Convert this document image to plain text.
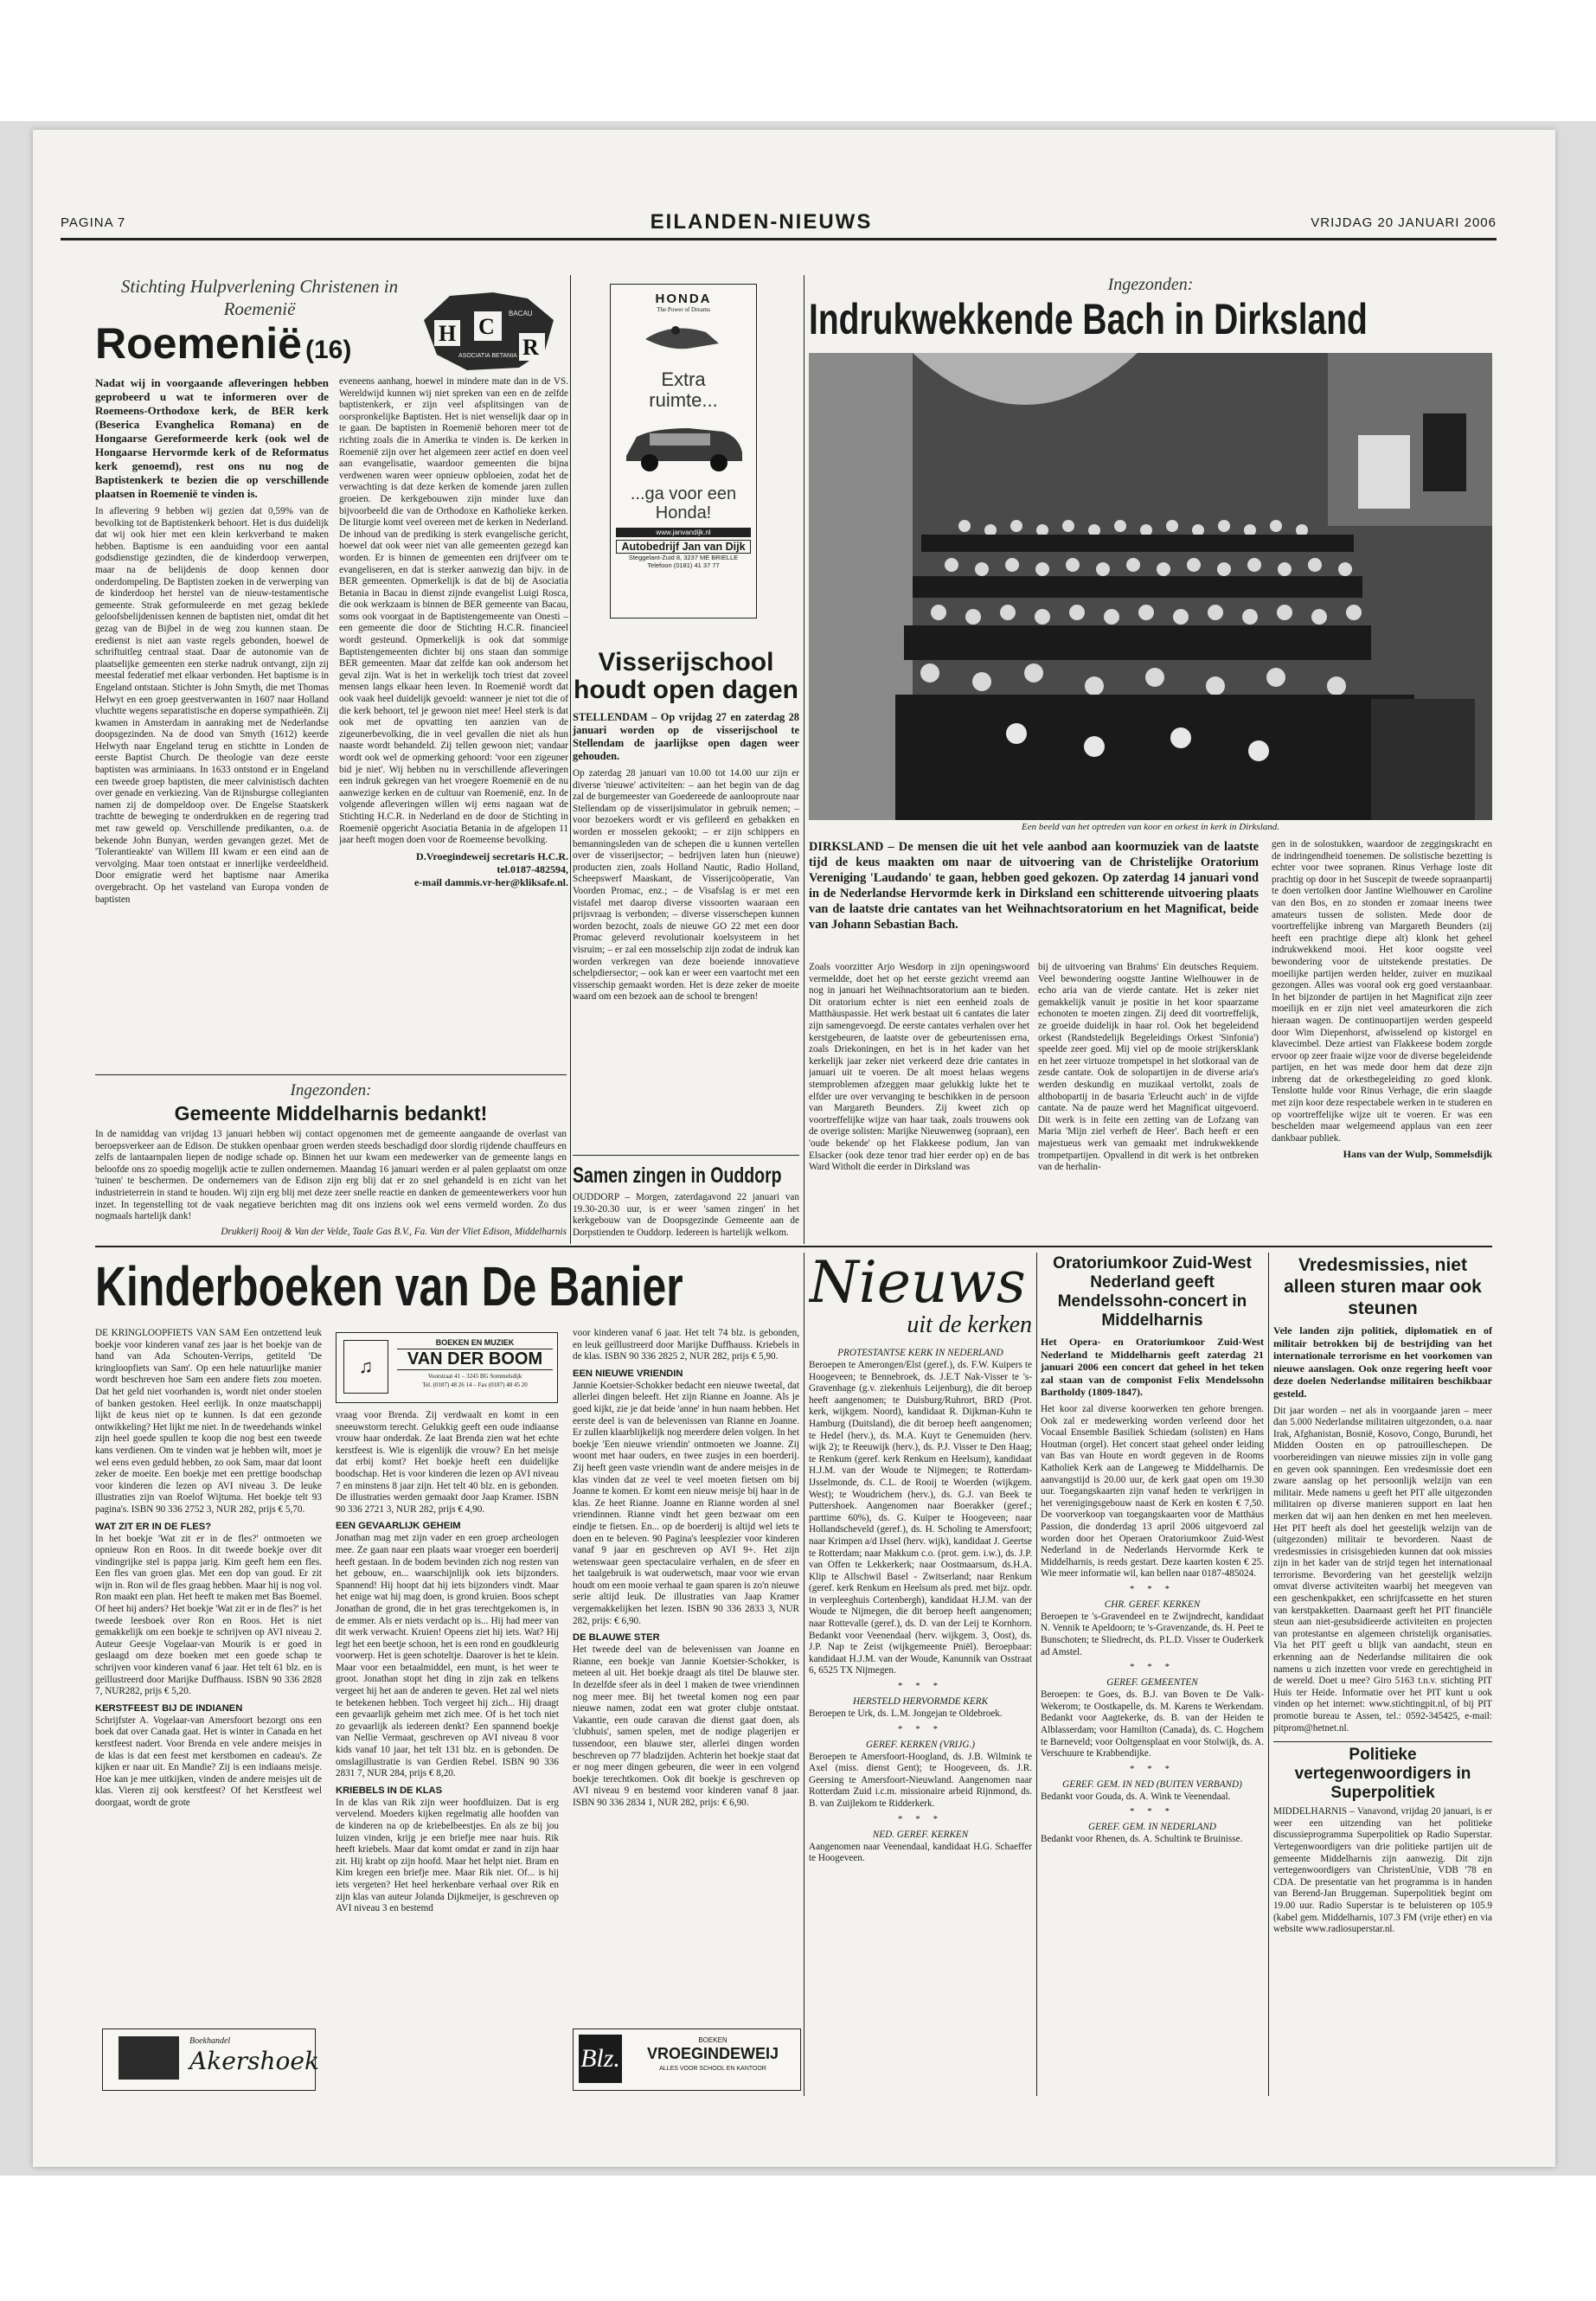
PAGINA 7	EILANDEN-NIEUWS	VRIJDAG 20 JANUARI 2006
Stichting Hulpverlening Christenen in Roemenië
Roemenië (16)
H C
R
BACAU
ASOCIATIA BETANIA

Nadat wij in voorgaande afleveringen hebben geprobeerd u wat te informeren over de Roemeens-Orthodoxe kerk, de BER kerk (Beserica Evanghelica Romana) en de Hongaarse Gereformeerde kerk (ook wel de Hongaarse Hervormde kerk of de Reformatus kerk genoemd), rest ons nu nog de Baptistenkerk te bezien die op verschillende plaatsen in Roemenië te vinden is.

In aflevering 9 hebben wij gezien dat 0,59% van de bevolking tot de Baptistenkerk behoort. Het is dus duidelijk dat wij ook hier met een klein kerkverband te maken hebben. Baptisme is een aanduiding voor een aantal godsdienstige gezindten, die de kinderdoop verwerpen, maar na de belijdenis de doop kennen door onderdompeling. De Baptisten zoeken in de verwerping van de kinderdoop het herstel van de nieuw-testamentische gemeente. Strak geformuleerde en met gezag beklede geloofsbelijdenissen kennen de baptisten niet, omdat dit het gezag van de Bijbel in de weg zou kunnen staan. De eredienst is niet aan vaste regels gebonden, hoewel de schriftuitleg centraal staat. Daar de autonomie van de plaatselijke gemeenten een sterke nadruk ontvangt, zijn zij meestal federatief met elkaar verbonden. Het baptisme is in Engeland ontstaan. Stichter is John Smyth, die met Thomas Helwyt en een groep geestverwanten in 1607 naar Holland vluchtte wegens separatistische en doperse sympathieën. Zij kwamen in Amsterdam in aanraking met de Nederlandse doopsgezinden. Na de dood van Smyth (1612) keerde Helwyth naar Engeland terug en stichtte in Londen de eerste Baptist Church. De theologie van deze eerste baptisten was arminiaans. In 1633 ontstond er in Engeland een tweede groep baptisten, die meer calvinistisch dachten over genade en verkiezing. Van de Rijnsburgse collegianten namen zij de dompeldoop over. De Engelse Staatskerk trachtte de beweging te onderdrukken en de regering trad met raw geweld op. Verschillende predikanten, o.a. de bekende John Bunyan, werden gevangen gezet. Met de 'Tolerantieakte' van Willem III kwam er een eind aan de vervolging. Maar toen ontstaat er innerlijke verdeeldheid. Door emigratie werd het baptisme naar Amerika overgebracht. Op het vasteland van Europa vonden de baptisten

eveneens aanhang, hoewel in mindere mate dan in de VS. Wereldwijd kunnen wij niet spreken van een en de zelfde baptistenkerk, er zijn veel afsplitsingen van de oorspronkelijke Baptisten. Het is niet wenselijk daar op in te gaan. De baptisten in Roemenië behoren meer tot de richting zoals die in Amerika te vinden is. De kerken in Roemenië zijn over het algemeen zeer actief en doen veel aan evangelisatie, waardoor gemeenten die bijna verdwenen waren weer opnieuw opbloeien, zodat het de verwachting is dat deze kerken de komende jaren zullen groeien. De kerkgebouwen zijn minder luxe dan bijvoorbeeld die van de Orthodoxe en Katholieke kerken. De liturgie komt veel overeen met de kerken in Nederland. De inhoud van de prediking is sterk evangelische gericht, hoewel dat ook weer niet van alle gemeenten gezegd kan worden. Er is binnen de gemeenten een drijfveer om te evangeliseren, en dat is sterker aanwezig dan bijv. in de BER gemeenten. Opmerkelijk is dat de bij de Asociatia Betania in Bacau in dienst zijnde evangelist Luigi Rosca, die ook werkzaam is binnen de BER gemeente van Bacau, soms ook voorgaat in de Baptistengemeente van Onesti – een gemeente die door de Stichting H.C.R. financieel wordt gesteund. Opmerkelijk is ook dat sommige Baptistengemeenten dichter bij ons staan dan sommige BER gemeenten. Maar dat zelfde kan ook andersom het geval zijn. Wat is het in werkelijk toch triest dat zoveel mensen langs elkaar heen leven. In Roemenië wordt dat ook vaak heel duidelijk gevoeld: wanneer je niet tot die of die kerk behoort, tel je gewoon niet mee! Heel sterk is dat ook met de opvatting ten aanzien van de zigeunerbevolking, die in veel gevallen die niet als hun naaste wordt behandeld. Zij tellen gewoon niet; vandaar wordt ook wel de opmerking gehoord: 'voor een zigeuner bid je niet'. Wij hebben nu in verschillende afleveringen een indruk gekregen van het vroegere Roemenië en de nu aanwezige kerken en de cultuur van Roemenië, enz. In de volgende afleveringen willen wij eens nagaan wat de Stichting H.C.R. in Nederland en de door de Stichting in Roemenië opgericht Asociatia Betania in de afgelopen 11 jaar heeft mogen doen voor de Roemeense bevolking.

D.Vroegindeweij secretaris H.C.R.
tel.0187-482594,
e-mail dammis.vr-her@kliksafe.nl.
Ingezonden:
Gemeente Middelharnis bedankt!

In de namiddag van vrijdag 13 januari hebben wij contact opgenomen met de gemeente aangaande de overlast van beroepsverkeer aan de Edison. De stukken openbaar groen werden steeds beschadigd door slordig rijdende chauffeurs en zelfs de lantaarnpalen liepen de nodige schade op. Binnen het uur kwam een medewerker van de gemeente langs en beloofde ons zo spoedig mogelijk actie te zullen ondernemen. Maandag 16 januari werden er al palen geplaatst om onze 'tuinen' te beschermen. De ondernemers van de Edison zijn erg blij dat er zo snel gehandeld is en zicht van het industrieterrein in stand te houden. Wij zijn erg blij met deze zeer snelle reactie en danken de gemeentewerkers voor hun inzet. In tegenstelling tot de vaak negatieve berichten mag dit ons inziens ook wel eens vermeld worden. Zo dus nogmaals hartelijk dank!

Drukkerij Rooij & Van der Velde, Taale Gas B.V., Fa. Van der Vliet Edison, Middelharnis

HONDA
The Power of Dreams
Extra
ruimte...
...ga voor een
Honda!
www.janvandijk.nl
Autobedrijf Jan van Dijk
Steggelant-Zuid 8, 3237 ME BRIELLE
Telefoon (0181) 41 37 77
Visserijschool
houdt open dagen

STELLENDAM – Op vrijdag 27 en zaterdag 28 januari worden op de visserijschool te Stellendam de jaarlijkse open dagen weer gehouden.

Op zaterdag 28 januari van 10.00 tot 14.00 uur zijn er diverse 'nieuwe' activiteiten: – aan het begin van de dag zal de burgemeester van Goedereede de aanlooproute naar Stellendam op de visserijsimulator in gebruik nemen; – voor bezoekers wordt er vis gefileerd en gebakken en worden er mosselen gekookt; – er zijn schippers en bemanningsleden van de schepen die u kunnen vertellen over de visserijsector; – bedrijven laten hun (nieuwe) producten zien, zoals Holland Nautic, Radio Holland, Scheepswerf Maaskant, de Visserijcoöperatie, Van Voorden Promac, enz.; – de Visafslag is er met een vistafel met daarop diverse vissoorten waaraan een prijsvraag is verbonden; – diverse visserschepen kunnen worden bezocht, zoals de nieuwe GO 22 met een door Promac geleverd revolutionair koelsysteem in het visruim; – er zal een mosselschip zijn zodat de indruk kan worden verkregen van deze boeiende innovatieve schelpdiersector; – ook kan er weer een vaartocht met een visserschip gemaakt worden. Het is deze zeker de moeite waard om een bezoek aan de school te brengen!

Samen zingen in Ouddorp

OUDDORP – Morgen, zaterdagavond 22 januari van 19.30-20.30 uur, is er weer 'samen zingen' in het kerkgebouw van de Doopsgezinde Gemeente aan de Dorpstienden te Ouddorp. Iedereen is hartelijk welkom.

Ingezonden:
Indrukwekkende Bach in Dirksland
Een beeld van het optreden van koor en orkest in kerk in Dirksland.

DIRKSLAND – De mensen die uit het vele aanbod aan koormuziek van de laatste tijd de keus maakten om naar de uitvoering van de Christelijke Oratorium Vereniging 'Laudando' te gaan, hebben goed gekozen. Op zaterdag 14 januari vond in de Nederlandse Hervormde kerk in Dirksland een schitterende uitvoering plaats van de laatste drie cantates van het Weihnachtsoratorium en het Magnificat, beide van Johann Sebastian Bach.

Zoals voorzitter Arjo Wesdorp in zijn openingswoord vermeldde, doet het op het eerste gezicht vreemd aan nog in januari het Weihnachtsoratorium aan te bieden. Dit oratorium echter is niet een eenheid zoals de Matthäuspassie. Het werk bestaat uit 6 cantates die later zijn samengevoegd. De eerste cantates verhalen over het kerstgebeuren, de laatste over de gebeurtenissen erna, zoals Driekoningen, en het is in het kader van het kerkelijk jaar zeker niet verkeerd deze drie cantates in januari uit te voeren. De alt moest helaas wegens stemproblemen afzeggen maar gelukkig lukte het te elfder ure over vervanging te beschikken in de persoon van Margareth Beunders. Zij kweet zich op voortreffelijke wijze van haar taak, zoals trouwens ook de overige solisten: Marijke Nieuwenweg (sopraan), een 'oude bekende' op het Flakkeese podium, Jan van Elsacker (ook deze tenor trad hier eerder op) en de bas Ward Witholt die eerder in Dirksland was

bij de uitvoering van Brahms' Ein deutsches Requiem. Veel bewondering oogstte Jantine Wielhouwer in de echo aria van de vierde cantate. Het is zeker niet gemakkelijk vanuit je positie in het koor spaarzame echonoten te moeten zingen. Zij deed dit voortreffelijk, ze groeide duidelijk in haar rol. Ook het begeleidend orkest (Randstedelijk Begeleidings Orkest 'Sinfonia') speelde zeer goed. Mij viel op de mooie strijkersklank en het zeer virtuoze trompetspel in het slotkoraal van de zesde cantate. Ook de solopartijen in de diverse aria's werden deskundig en muzikaal vertolkt, zoals de althobopartij in de basaria 'Erleucht auch' in de vijfde cantate. Na de pauze werd het Magnificat uitgevoerd. Dit werk is in feite een zetting van de Lofzang van Maria 'Mijn ziel verheft de Heer'. Bach heeft er een majestueus werk van gemaakt met indrukwekkende trompetpartijen. Opvallend in dit werk is het ontbreken van de herhalin-

gen in de solostukken, waardoor de zeggingskracht en de indringendheid toenemen. De solistische bezetting is echter voor twee sopranen. Rinus Verhage loste dit prachtig op door in het Suscepit de tweede sopraanpartij te doen vertolken door Jantine Wielhouwer en Caroline van den Bos, en zo stonden er zomaar ineens twee amateurs tussen de solisten. Mede door de voortreffelijke inbreng van Margareth Beunders (zij heeft een prachtige diepe alt) klonk het geheel indrukwekkend mooi. Het koor oogstte veel bewondering voor de uitstekende prestaties. De moeilijke partijen werden helder, zuiver en muzikaal gezongen. Alles was vooral ook erg goed verstaanbaar. In het bijzonder de partijen in het Magnificat zijn zeer moeilijk en er zijn niet veel amateurkoren die zich hieraan wagen. De continuopartijen werden gespeeld door Wim Diepenhorst, afwisselend op kistorgel en klavecimbel. Deze artiest van Flakkeese bodem zorgde ervoor op zeer fraaie wijze voor de diverse begeleidende partijen, en het was mede door hem dat deze zijn inbreng dat de orkestbegeleiding zo goed klonk. Tenslotte hulde voor Rinus Verhage, die erin slaagde met zijn koor deze respectabele werken in te studeren en op voortreffelijke wijze uit te voeren. Er was een beschelden maar welgemeend applaus van een zeer dankbaar publiek.

Hans van der Wulp, Sommelsdijk
Kinderboeken van De Banier

DE KRINGLOOPFIETS VAN SAM Een ontzettend leuk boekje voor kinderen vanaf zes jaar is het boekje van de hand van Ada Schouten-Verrips, getiteld 'De kringloopfiets van Sam'. Op een hele natuurlijke manier wordt beschreven hoe Sam een andere fiets zou moeten. Dat het geld niet voorhanden is, wordt niet onder stoelen of banken gestoken. Heel eerlijk. In onze maatschappij lijkt de keus niet op te kunnen. Is dat een gezonde ontwikkeling? Het lijkt me niet. In de tweedehands winkel zijn heel goede spullen te koop die nog best een tweede kans verdienen. Om te vinden wat je hebben wilt, moet je wel eens even geduld hebben, zo ook Sam, maar dat loont zeker de moeite. Een boekje met een prettige boodschap voor kinderen die lezen op AVI niveau 3. De leuke illustraties zijn van Roelof Wijtuma. Het boekje telt 93 pagina's. ISBN 90 336 2752 3, NUR 282, prijs € 5,70.

WAT ZIT ER IN DE FLES?

In het boekje 'Wat zit er in de fles?' ontmoeten we opnieuw Ron en Roos. In dit tweede boekje over dit vindingrijke stel is pappa jarig. Kim geeft hem een fles. Een fles van groen glas. Met een dop van goud. Er zit wijn in. Ron wil de fles graag hebben. Maar hij is nog vol. Ron maakt een plan. Het heeft te maken met Bas Boemel. Of heet hij anders? Het boekje 'Wat zit er in de fles?' is het tweede leesboek over Ron en Roos. Het is niet gemakkelijk om een boekje te schrijven op AVI niveau 2. Auteur Geesje Vogelaar-van Mourik is er goed in geslaagd om deze boeken met een goede schap te schrijven voor kinderen vanaf 6 jaar. Het telt 61 blz. en is geïllustreerd door Marijke Duffhauss. ISBN 90 336 2828 7, NUR282, prijs € 5,20.

KERSTFEEST BIJ DE INDIANEN

Schrijfster A. Vogelaar-van Amersfoort bezorgt ons een boek dat over Canada gaat. Het is winter in Canada en het kerstfeest nadert. Voor Brenda en vele andere meisjes in de klas is dat een feest met kerstbomen en cadeau's. Ze kijken er naar uit. En Mandie? Zij is een indiaans meisje. Hoe kan je mee uitkijken, vinden de andere meisjes uit de klas. Vieren zij ook kerstfeest? Of het Kerstfeest wel doorgaat, wordt de grote

Boekhandel
Akershoek
♫
BOEKEN EN MUZIEK
VAN DER BOOM
Voorstraat 41 – 3245 BG Sommelsdijk
Tel. (0187) 48 26 14 – Fax (0187) 48 45 20

vraag voor Brenda. Zij verdwaalt en komt in een sneeuwstorm terecht. Gelukkig geeft een oude indiaanse vrouw haar onderdak. Ze laat Brenda zien wat het echte kerstfeest is. Wie is eigenlijk die vrouw? En het meisje dat erbij komt? Het boekje heeft een duidelijke boodschap. Het is voor kinderen die lezen op AVI niveau 7 en minstens 8 jaar zijn. Het telt 40 blz. en is gebonden. De illustraties werden gemaakt door Jaap Kramer. ISBN 90 336 2721 3, NUR 282, prijs € 4,90.

EEN GEVAARLIJK GEHEIM

Jonathan mag met zijn vader en een groep archeologen mee. Ze gaan naar een plaats waar vroeger een boerderij heeft gestaan. In de bodem bevinden zich nog resten van het gebouw, en... waarschijnlijk ook iets bijzonders. Spannend! Hij hoopt dat hij iets bijzonders vindt. Maar het enige wat hij mag doen, is grond kruien. Boos schept Jonathan de grond, die in het gras terechtgekomen is, in de emmer. Als er niets verdacht op is... Hij had meer van dit werk verwacht. Kruien! Opeens ziet hij iets. Wat? Hij legt het een beetje schoon, het is een rond en goudkleurig voorwerp. Het is geen schoteltje. Daarover is het te klein. Maar voor een betaalmiddel, een munt, is het weer te groot. Jonathan stopt het ding in zijn zak en telkens vergeet hij het aan de anderen te geven. Het zal wel niets te betekenen hebben. Toch vergeet hij zich... Hij draagt een gevaarlijk geheim met zich mee. Of is het toch niet zo gevaarlijk als iedereen denkt? Een spannend boekje van Nellie Vermaat, geschreven op AVI niveau 8 voor kids vanaf 10 jaar, het telt 131 blz. en is gebonden. De omslagillustratie is van Gerdien Rebel. ISBN 90 336 2831 7, NUR 284, prijs € 8,20.

KRIEBELS IN DE KLAS

In de klas van Rik zijn weer hoofdluizen. Dat is erg vervelend. Moeders kijken regelmatig alle hoofden van de kinderen na op de kriebelbeestjes. En als ze bij jou luizen vinden, krijg je een briefje mee naar huis. Rik heeft kriebels. Maar dat komt omdat er zand in zijn haar zit. Hij krabt op zijn hoofd. Maar het helpt niet. Bram en Kim kregen een briefje mee. Maar Rik niet. Of... is hij iets vergeten? Het heel herkenbare verhaal over Rik en zijn klas van auteur Jolanda Dijkmeijer, is geschreven op AVI niveau 3 en bestemd

voor kinderen vanaf 6 jaar. Het telt 74 blz. is gebonden, en leuk geïllustreerd door Marijke Duffhauss. Kriebels in de klas. ISBN 90 336 2825 2, NUR 282, prijs € 5,90.

EEN NIEUWE VRIENDIN

Jannie Koetsier-Schokker bedacht een nieuwe tweetal, dat allerlei dingen beleeft. Het zijn Rianne en Joanne. Als je goed kijkt, zie je dat beide 'anne' in hun naam hebben. Het eerste deel is van de belevenissen van Rianne en Joanne. Er zullen klaarblijkelijk nog meerdere delen volgen. In het boekje 'Een nieuwe vriendin' ontmoeten we Joanne. Zij woont met haar ouders, en twee zusjes in een boerderij. Zij heeft geen vaste vriendin want de andere meisjes in de klas vinden dat ze veel te veel moeten fietsen om bij Joanne te komen. Er komt een nieuw meisje bij haar in de klas. Ze heet Rianne. Joanne en Rianne worden al snel vriendinnen. Rianne vindt het geen bezwaar om een eindje te fietsen. En... op de boerderij is altijd wel iets te doen en te beleven. 90 Pagina's leesplezier voor kinderen vanaf 9 jaar en geschreven op AVI 9+. Het zijn wetenswaar geen spectaculaire verhalen, en de sfeer en het taalgebruik is wat ouderwetsch, maar voor wie ervan houdt om een mooie verhaal te gaan sparen is zo'n nieuwe serie altijd leuk. De illustraties van Jaap Kramer vergemakkelijken het lezen. ISBN 90 336 2833 3, NUR 282, prijs: € 6,90.

DE BLAUWE STER

Het tweede deel van de belevenissen van Joanne en Rianne, een boekje van Jannie Koetsier-Schokker, is meteen al uit. Het boekje draagt als titel De blauwe ster. In dezelfde sfeer als in deel 1 maken de twee vriendinnen nog meer mee. Bij het tweetal komen nog een paar nieuwe namen, zodat een wat groter clubje ontstaat. Vakantie, een oude caravan die dienst gaat doen, als 'clubhuis', samen spelen, met de nodige plagerijen er tussendoor, een blauwe ster, allerlei dingen worden beschreven op 77 bladzijden. Achterin het boekje staat dat er nog meer dingen gebeuren, die weer in een volgend boekje terechtkomen. Ook dit boekje is geschreven op AVI niveau 9 en bestemd voor kinderen vanaf 8 jaar. ISBN 90 336 2834 1, NUR 282, prijs: € 6,90.

Blz.
BOEKEN
VROEGINDEWEIJ
ALLES VOOR SCHOOL EN KANTOOR
Nieuws
uit de kerken
PROTESTANTSE KERK IN NEDERLAND

Beroepen te Amerongen/Elst (geref.), ds. F.W. Kuipers te Hoogeveen; te Bennebroek, ds. J.E.T Nak-Visser te 's-Gravenhage (g.v. ziekenhuis Leijenburg), die dit beroep heeft aangenomen; te Duisburg/Ruhrort, BRD (Prot. kerk, wijkgem. Noord), kandidaat R. Dijkman-Kuhn te Hamburg (Duitsland), die dit beroep heeft aangenomen; te Hedel (herv.), ds. M.A. Kuyt te Genemuiden (herv. wijk 2); te Reeuwijk (herv.), ds. P.J. Visser te Den Haag; te Renkum (geref. kerk Renkum en Heelsum), kandidaat H.J.M. van der Woude te Nijmegen; te Rotterdam-IJsselmonde, ds. C.L. de Rooij te Woerden (wijkgem. West); te Woudrichem (herv.), ds. G.J. van Beek te Puttershoek. Aangenomen naar Boerakker (geref.; parttime 60%), ds. G. Kuiper te Hoogeveen; naar Hollandscheveld (geref.), ds. H. Scholing te Amersfoort; naar Krimpen a/d IJssel (herv. wijk), kandidaat J. Geertse te Rotterdam; naar Makkum c.o. (prot. gem. i.w.), ds. J.P. van Offen te Lekkerkerk; naar Oostmaarsum, ds.H.A. Klip te Allschwil Basel - Zwitserland; naar Renkum (geref. kerk Renkum en Heelsum als pred. met bijz. opdr. in verpleeghuis Cortenbergh), kandidaat H.J.M. van der Woude te Nijmegen, die dit beroep heeft aangenomen; naar Rottevalle (geref.), ds. D. van der Leij te Kornhorn. Bedankt voor Veenendaal (herv. wijkgem. 3, Oost), ds. J.P. Nap te Zeist (wijkgemeente Pniël). Beroepbaar: kandidaat H.J.M. van der Woude, Kanunnik van Osstraat 6, 6525 TX Nijmegen.

* * *
HERSTELD HERVORMDE KERK

Beroepen te Urk, ds. L.M. Jongejan te Oldebroek.

* * *
GEREF. KERKEN (VRIJG.)

Beroepen te Amersfoort-Hoogland, ds. J.B. Wilmink te Axel (miss. dienst Gent); te Hoogeveen, ds. J.R. Geersing te Amersfoort-Nieuwland. Aangenomen naar Rotterdam Zuid i.c.m. missionaire arbeid Rijnmond, ds. B. van Zuijlekom te Ridderkerk.

* * *
NED. GEREF. KERKEN

Aangenomen naar Veenendaal, kandidaat H.G. Schaeffer te Hoogeveen.

Oratoriumkoor Zuid-West Nederland geeft Mendelssohn-concert in Middelharnis

Het Opera- en Oratoriumkoor Zuid-West Nederland te Middelharnis geeft zaterdag 21 januari 2006 een concert dat geheel in het teken zal staan van de componist Felix Mendelssohn Bartholdy (1809-1847).

Het koor zal diverse koorwerken ten gehore brengen. Ook zal er medewerking worden verleend door het Vocaal Ensemble Basiliek Schiedam (solisten) en Hans Houtman (orgel). Het concert staat geheel onder leiding van Bas van Houte en wordt gegeven in de Rooms Katholiek Kerk aan de Langeweg te Middelharnis. De aanvangstijd is 20.00 uur, de kerk gaat open om 19.30 uur. Toegangskaarten zijn vanaf heden te verkrijgen in het verenigingsgebouw naast de Kerk en kosten € 7,50. De voorverkoop van toegangskaarten voor de Matthäus Passion, die donderdag 13 april 2006 uitgevoerd zal worden door het Operaen Oratoriumkoor Zuid-West Nederland in de Nederlands Hervormde Kerk te Middelharnis, is reeds gestart. Deze kaarten kosten € 25. Wie meer informatie wil, kan bellen naar 0187-485024.

* * *
CHR. GEREF. KERKEN

Beroepen te 's-Gravendeel en te Zwijndrecht, kandidaat N. Vennik te Apeldoorn; te 's-Gravenzande, ds. H. Peet te Bunschoten; te Sliedrecht, ds. P.L.D. Visser te Ouderkerk ad Amstel.

* * *
GEREF. GEMEENTEN

Beroepen: te Goes, ds. B.J. van Boven te De Valk-Wekerom; te Oostkapelle, ds. M. Karens te Werkendam. Bedankt voor Aagtekerke, ds. B. van der Heiden te Alblasserdam; voor Hamilton (Canada), ds. C. Hogchem te Barneveld; voor Ooltgensplaat en voor Stolwijk, ds. A. Verschuure te Krabbendijke.

* * *
GEREF. GEM. IN NED (BUITEN VERBAND)

Bedankt voor Gouda, ds. A. Wink te Veenendaal.

* * *
GEREF. GEM. IN NEDERLAND

Bedankt voor Rhenen, ds. A. Schultink te Bruinisse.

Vredesmissies, niet alleen sturen maar ook steunen

Vele landen zijn politiek, diplomatiek en of militair betrokken bij de bestrijding van het internationale terrorisme en het voorkomen van nieuwe aanslagen. Ook onze regering heeft voor deze doelen Nederlandse militairen beschikbaar gesteld.

Dit jaar worden – net als in voorgaande jaren – meer dan 5.000 Nederlandse militairen uitgezonden, o.a. naar Irak, Afghanistan, Bosnië, Kosovo, Congo, Burundi, het Midden Oosten en op patrouilleschepen. De voorbereidingen van nieuwe missies zijn in volle gang en geven ook spanningen. Een vredesmissie doet een zware aanslag op het persoonlijk welzijn van een militair. Mede namens u geeft het PIT alle uitgezonden militairen op diverse manieren support en laat hen merken dat wij aan hen denken en met hen meeleven. Het PIT heeft als doel het geestelijk welzijn van de (uitgezonden) militair te bevorderen. Naast de vredesmissies in crisisgebieden kunnen dat ook missies zijn in het kader van de strijd tegen het internationaal terrorisme. Bevordering van het geestelijk welzijn omvat diverse activiteiten waarbij het meegeven van een geschenkpakket, een schrijfcassette en het sturen van kerstpakketten. Daarnaast geeft het PIT financiële steun aan niet-gesubsidieerde activiteiten en projecten van protestantse en algemeen christelijk organisaties. Via het PIT geeft u blijk van aandacht, steun en erkenning aan de Nederlandse militairen die ook namens u zich inzetten voor vrede en gerechtigheid in de wereld. Doet u mee? Giro 5163 t.n.v. stichting PIT Huis ter Heide. Informatie over het PIT kunt u ook vinden op het internet: www.stichtingpit.nl, of bij PIT promotie bureau te Assen, tel.: 0592-345425, e-mail: pitprom@hetnet.nl.

Politieke vertegenwoordigers in Superpolitiek

MIDDELHARNIS – Vanavond, vrijdag 20 januari, is er weer een uitzending van het politieke discussieprogramma Superpolitiek op Radio Superstar. Vertegenwoordigers van drie politieke partijen uit de gemeente Middelharnis zijn aanwezig. Dit zijn vertegenwoordigers van ChristenUnie, VDB '78 en CDA. De presentatie van het programma is in handen van Berend-Jan Bruggeman. Superpolitiek begint om 19.00 uur. Radio Superstar is te beluisteren op 105.9 (kabel gem. Middelharnis, 107.3 FM (vrije ether) en via website www.radiosuperstar.nl.
